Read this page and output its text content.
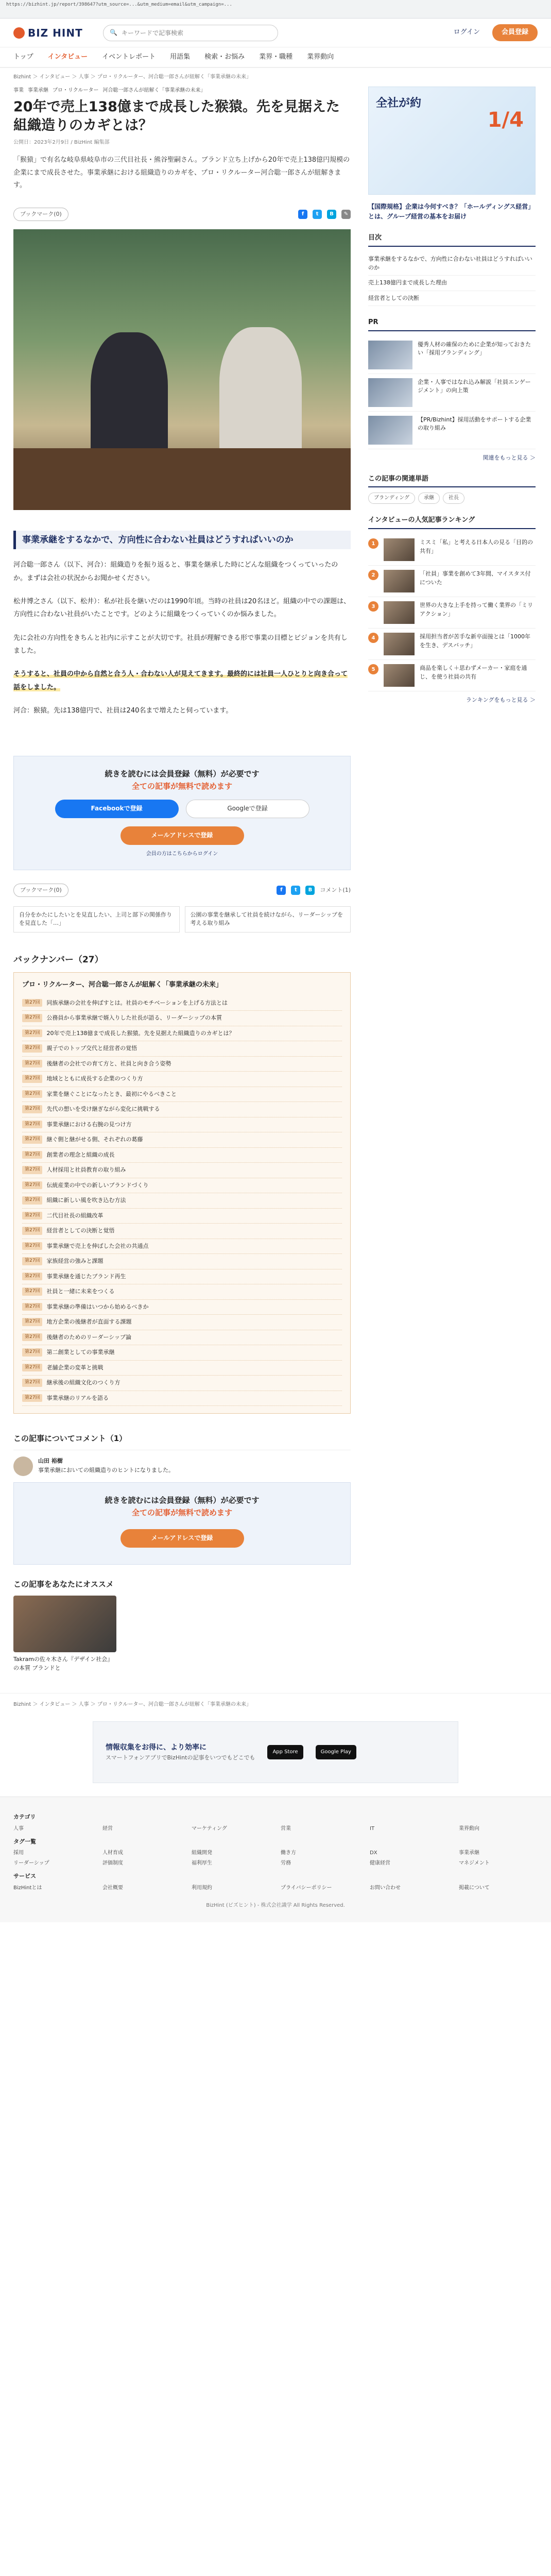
https://bizhint.jp/report/398647?utm_source=...&utm_medium=email&utm_campaign=...
BIZ HINT	🔍
キーワードで記事検索	ログイン	会員登録
トップ インタビュー イベントレポート 用語集 検索・お悩み 業界・職種 業界動向
Bizhint ＞ インタビュー ＞ 人事 ＞ プロ・リクルーター、河合聡一郎さんが紐解く「事業承継の未来」
事業 事業承継 プロ・リクルーター 河合聡一郎さんが紐解く「事業承継の未来」
20年で売上138億まで成長した猴猿。先を見据えた組織造りのカギとは？
公開日：2023年2月9日 / BizHint 編集部

「猴猿」で有名な岐阜県岐阜市の三代目社長・熊谷聖嗣さん。ブランド立ち上げから20年で売上138億円規模の企業にまで成長させた。事業承継における組織造りのカギを、プロ・リクルーター河合聡一郎さんが紐解きます。

ブックマーク(0)	f	t	B	✎
事業承継をするなかで、方向性に合わない社員はどうすればいいのか

河合聡一郎さん（以下、河合）：組織造りを振り返ると、事業を継承した時にどんな組織をつくっていったのか。まずは会社の状況からお聞かせください。

松井博之さん（以下、松井）：私が社長を継いだのは1990年頃。当時の社員は20名ほど。組織の中での課題は、方向性に合わない社員がいたことです。どのように組織をつくっていくのか悩みました。

先に会社の方向性をきちんと社内に示すことが大切です。社員が理解できる形で事業の目標とビジョンを共有しました。

そうすると、社員の中から自然と合う人・合わない人が見えてきます。最終的には社員一人ひとりと向き合って話をしました。

河合：猴猿。先は138億円で、社員は240名まで増えたと伺っています。

続きを読むには会員登録（無料）が必要です
全ての記事が無料で読めます
Facebookで登録	Googleで登録
メールアドレスで登録
会員の方はこちらからログイン
ブックマーク(0)	f	t	B	コメント(1)
自分をかたにしたいとを見直したい、上司と部下の関係作りを見直した「…」
公園の事業を継承して社員を続けながら、リーダーシップを考える取り組み
バックナンバー（27）
プロ・リクルーター、河合聡一郎さんが紐解く「事業承継の未来」
第27回	同族承継の会社を伸ばすとは。社員のモチベーションを上げる方法とは
第27回	公務員から事業承継で婿入りした社長が語る、リーダーシップの本質
第27回	20年で売上138億まで成長した猴猿。先を見据えた組織造りのカギとは？
第27回	親子でのトップ交代と経営者の覚悟
第27回	後継者の会社での育て方と、社員と向き合う姿勢
第27回	地域とともに成長する企業のつくり方
第27回	家業を継ぐことになったとき、最初にやるべきこと
第27回	先代の想いを受け継ぎながら変化に挑戦する
第27回	事業承継における右腕の見つけ方
第27回	継ぐ側と継がせる側、それぞれの葛藤
第27回	創業者の理念と組織の成長
第27回	人材採用と社員教育の取り組み
第27回	伝統産業の中での新しいブランドづくり
第27回	組織に新しい風を吹き込む方法
第27回	二代目社長の組織改革
第27回	経営者としての決断と覚悟
第27回	事業承継で売上を伸ばした会社の共通点
第27回	家族経営の強みと課題
第27回	事業承継を通じたブランド再生
第27回	社員と一緒に未来をつくる
第27回	事業承継の準備はいつから始めるべきか
第27回	地方企業の後継者が直面する課題
第27回	後継者のためのリーダーシップ論
第27回	第二創業としての事業承継
第27回	老舗企業の変革と挑戦
第27回	継承後の組織文化のつくり方
第27回	事業承継のリアルを語る
この記事についてコメント（1）
山田 裕樹
事業承継においての組織造りのヒントになりました。
続きを読むには会員登録（無料）が必要です
全ての記事が無料で読めます
メールアドレスで登録
この記事をあなたにオススメ
Takramの佐々木さん『デザイン社会』の本質 ブランドと
全社が約
1/4
【国際規格】企業は今何すべき？「ホールディングス経営」とは、グループ経営の基本をお届け
目次
事業承継をするなかで、方向性に合わない社員はどうすればいいのか
売上138億円まで成長した理由
経営者としての決断
PR
優秀人材の確保のために企業が知っておきたい「採用ブランディング」
企業・人事ではなれ込み解説「社員エンゲージメント」の向上策
【PR/Bizhint】採用活動をサポートする企業の取り組み
関連をもっと見る ＞
この記事の関連単語
ブランディング	承継	社長
インタビューの人気記事ランキング
1	ミスミ「私」と考える日本人の見る「目的の共有」
2	「社員」事業を創めて3年間、マイスタス付についた
3	世界の大きな上手を持って働く業界の「ミリアクション」
4	採用担当者が苦手な新卒面接とは「1000年を生き、デスバッチ」
5	商品を楽しく＋思わずメーカー・家庭を通じ、を使う社員の共有
ランキングをもっと見る ＞
Bizhint ＞ インタビュー ＞ 人事 ＞ プロ・リクルーター、河合聡一郎さんが紐解く「事業承継の未来」
情報収集をお得に、より効率に
スマートフォンアプリでBizHintの記事をいつでもどこでも
App Store	Google Play
カテゴリ
人事	経営	マーケティング	営業	IT	業界動向
タグ一覧
採用	人材育成	組織開発	働き方	DX	事業承継
リーダーシップ	評価制度	福利厚生	労務	健康経営	マネジメント
サービス
BizHintとは	会社概要	利用規約	プライバシーポリシー	お問い合わせ	掲載について
BizHint (ビズヒント) - 株式会社識学 All Rights Reserved.
